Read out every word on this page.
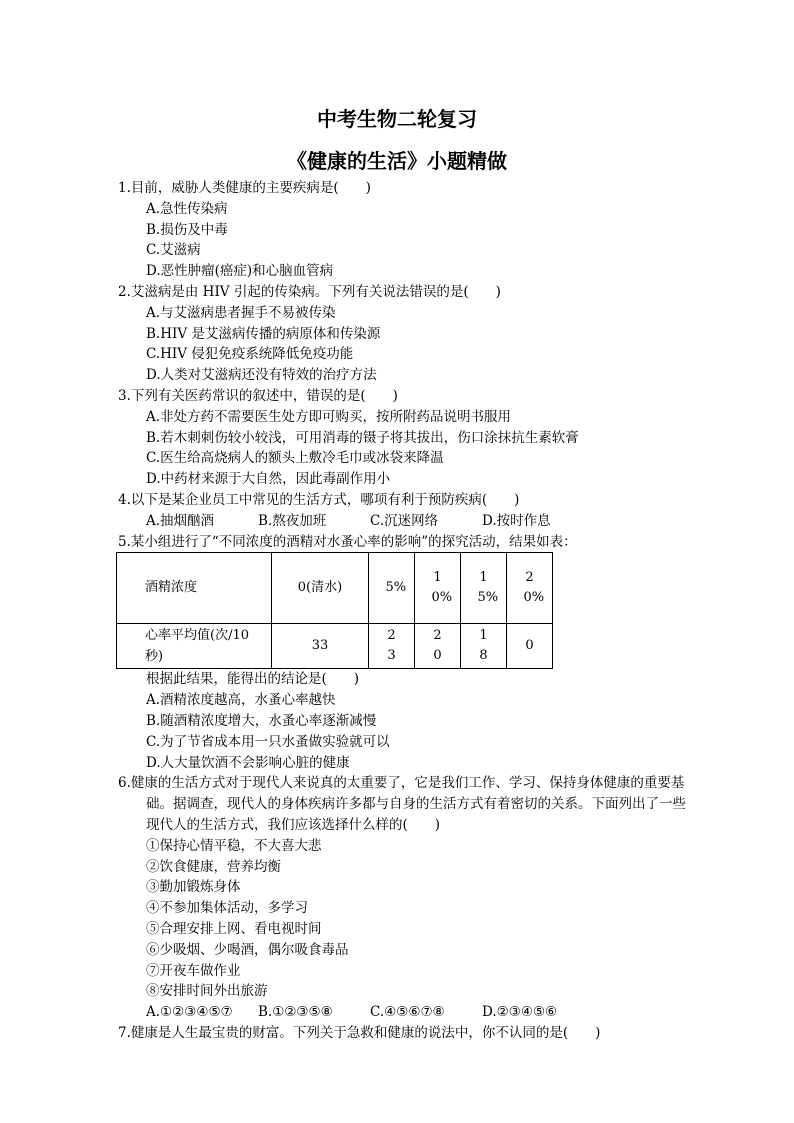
中考生物二轮复习
《健康的生活》小题精做
1.目前，威胁人类健康的主要疾病是(　　)
A.急性传染病
B.损伤及中毒
C.艾滋病
D.恶性肿瘤(癌症)和心脑血管病
2.艾滋病是由 HIV 引起的传染病。下列有关说法错误的是(　　)
A.与艾滋病患者握手不易被传染
B.HIV 是艾滋病传播的病原体和传染源
C.HIV 侵犯免疫系统降低免疫功能
D.人类对艾滋病还没有特效的治疗方法
3.下列有关医药常识的叙述中，错误的是(　　)
A.非处方药不需要医生处方即可购买，按所附药品说明书服用
B.若木刺刺伤较小较浅，可用消毒的镊子将其拔出，伤口涂抹抗生素软膏
C.医生给高烧病人的额头上敷冷毛巾或冰袋来降温
D.中药材来源于大自然，因此毒副作用小
4.以下是某企业员工中常见的生活方式，哪项有利于预防疾病(　　)
A.抽烟酗酒	B.熬夜加班	C.沉迷网络	D.按时作息
5.某小组进行了“不同浓度的酒精对水蚤心率的影响”的探究活动，结果如表：
酒精浓度	0(清水)	5%	10%	15%	20%
心率平均值(次/10秒)	33	23	20	18	0
根据此结果，能得出的结论是(　　)
A.酒精浓度越高，水蚤心率越快
B.随酒精浓度增大，水蚤心率逐渐减慢
C.为了节省成本用一只水蚤做实验就可以
D.人大量饮酒不会影响心脏的健康
6.健康的生活方式对于现代人来说真的太重要了，它是我们工作、学习、保持身体健康的重要基础。据调查，现代人的身体疾病许多都与自身的生活方式有着密切的关系。下面列出了一些现代人的生活方式，我们应该选择什么样的(　　)
①保持心情平稳，不大喜大悲
②饮食健康，营养均衡
③勤加锻炼身体
④不参加集体活动，多学习
⑤合理安排上网、看电视时间
⑥少吸烟、少喝酒，偶尔吸食毒品
⑦开夜车做作业
⑧安排时间外出旅游
A.①②③④⑤⑦	B.①②③⑤⑧	C.④⑤⑥⑦⑧	D.②③④⑤⑥
7.健康是人生最宝贵的财富。下列关于急救和健康的说法中，你不认同的是(　　)
